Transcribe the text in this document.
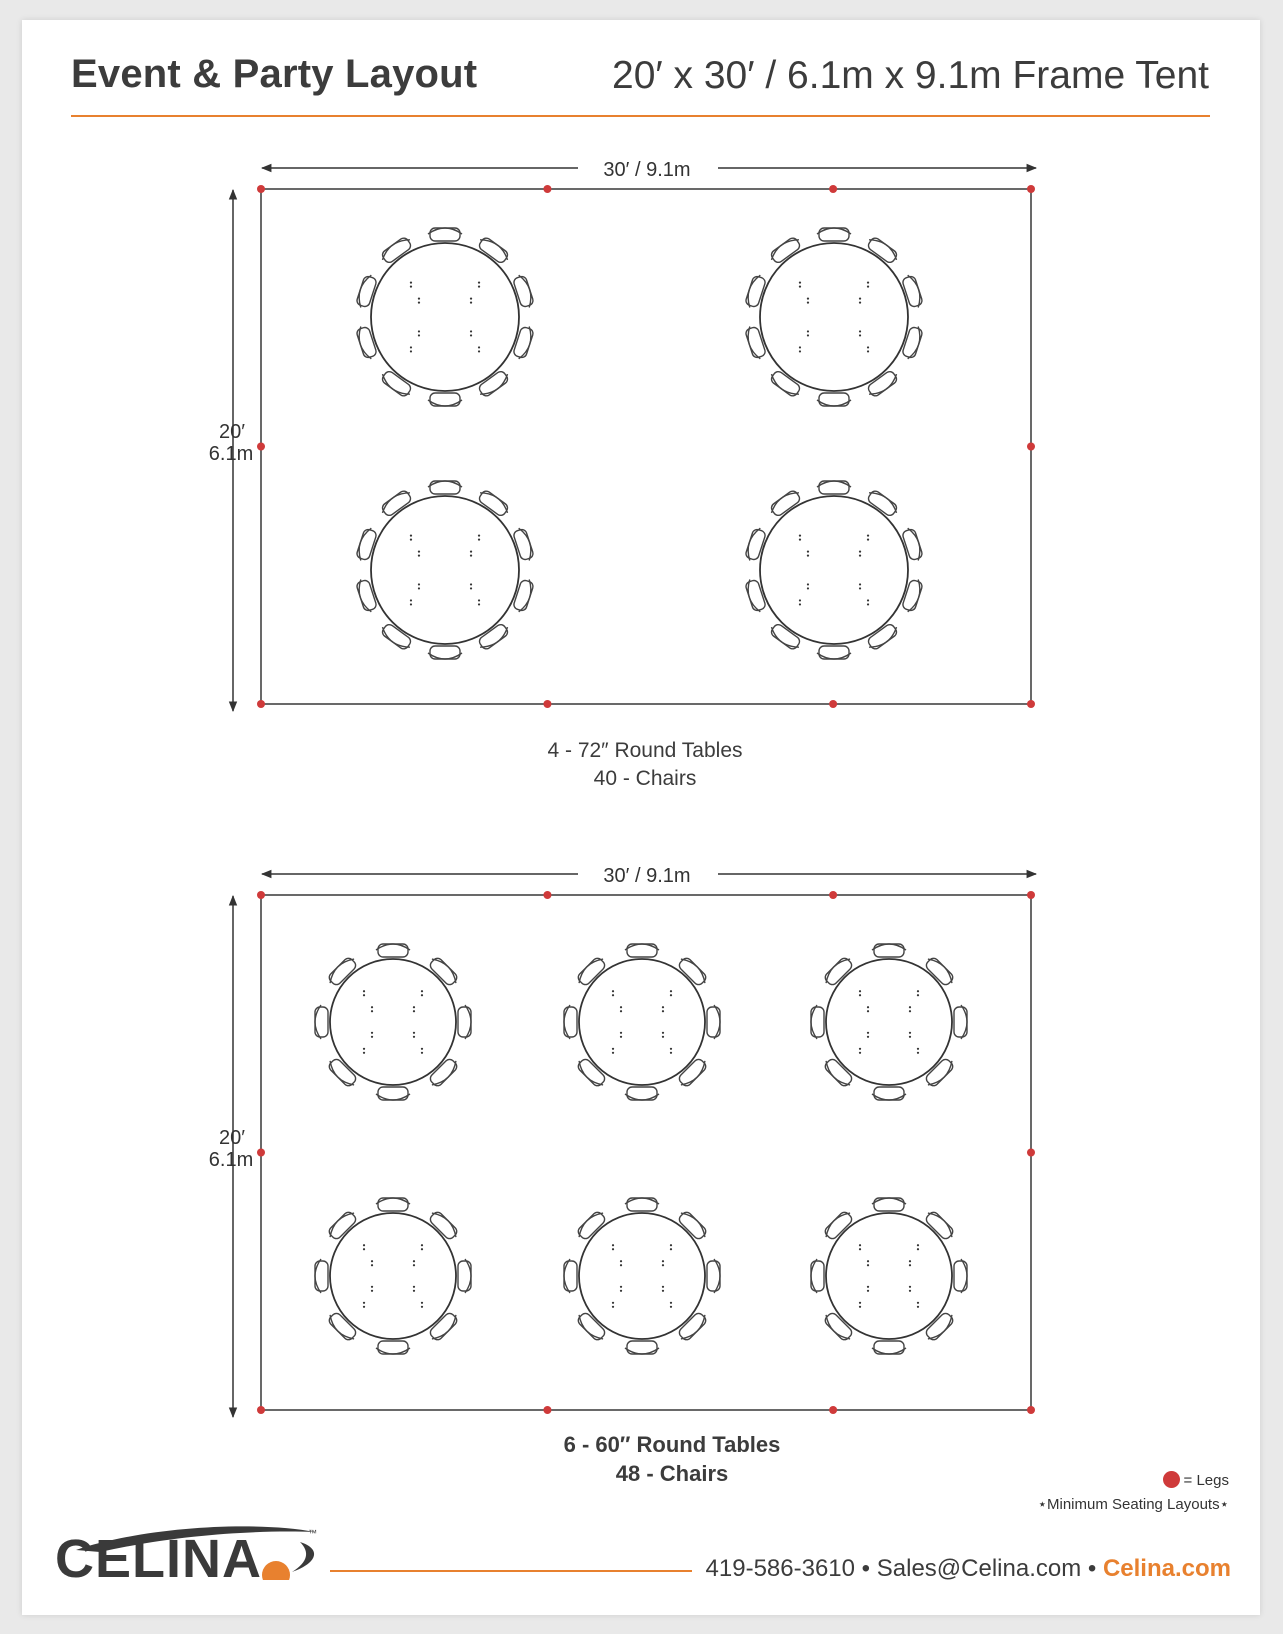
Event & Party Layout	20′ x 30′ / 6.1m x 9.1m Frame Tent
30′ / 9.1m
20′
6.1m
30′ / 9.1m
20′
6.1m
4 - 72″ Round Tables
40 - Chairs
6 - 60″ Round Tables
48 - Chairs	= Legs
⋆Minimum Seating Layouts⋆
CELINA	™
419-586-3610 • Sales@Celina.com • Celina.com
